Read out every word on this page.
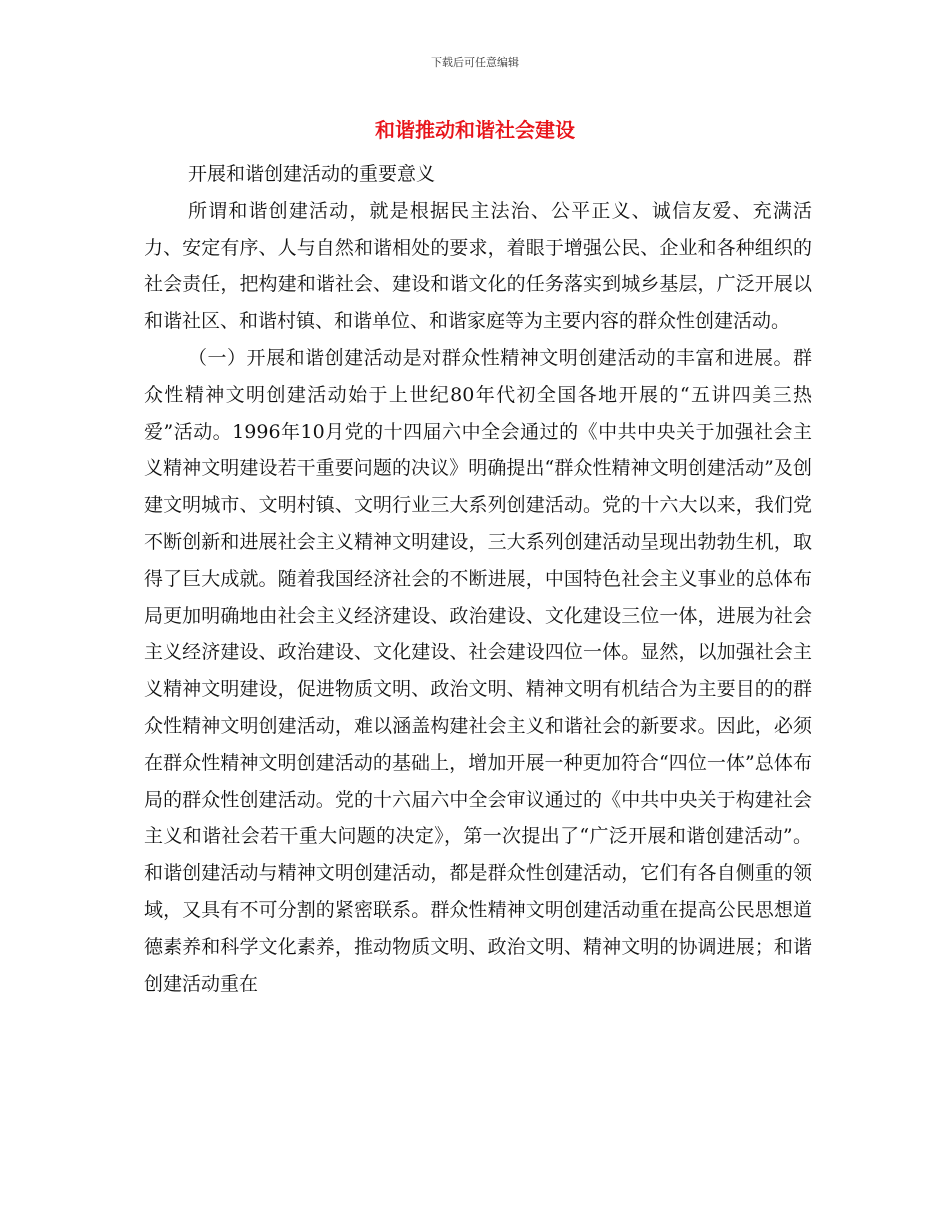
下载后可任意编辑
和谐推动和谐社会建设

开展和谐创建活动的重要意义

所谓和谐创建活动，就是根据民主法治、公平正义、诚信友爱、充满活力、安定有序、人与自然和谐相处的要求，着眼于增强公民、企业和各种组织的社会责任，把构建和谐社会、建设和谐文化的任务落实到城乡基层，广泛开展以和谐社区、和谐村镇、和谐单位、和谐家庭等为主要内容的群众性创建活动。

（一）开展和谐创建活动是对群众性精神文明创建活动的丰富和进展。群众性精神文明创建活动始于上世纪80年代初全国各地开展的“五讲四美三热爱”活动。1996年10月党的十四届六中全会通过的《中共中央关于加强社会主义精神文明建设若干重要问题的决议》明确提出“群众性精神文明创建活动”及创建文明城市、文明村镇、文明行业三大系列创建活动。党的十六大以来，我们党不断创新和进展社会主义精神文明建设，三大系列创建活动呈现出勃勃生机，取得了巨大成就。随着我国经济社会的不断进展，中国特色社会主义事业的总体布局更加明确地由社会主义经济建设、政治建设、文化建设三位一体，进展为社会主义经济建设、政治建设、文化建设、社会建设四位一体。显然，以加强社会主义精神文明建设，促进物质文明、政治文明、精神文明有机结合为主要目的的群众性精神文明创建活动，难以涵盖构建社会主义和谐社会的新要求。因此，必须在群众性精神文明创建活动的基础上，增加开展一种更加符合“四位一体”总体布局的群众性创建活动。党的十六届六中全会审议通过的《中共中央关于构建社会主义和谐社会若干重大问题的决定》，第一次提出了“广泛开展和谐创建活动”。和谐创建活动与精神文明创建活动，都是群众性创建活动，它们有各自侧重的领域，又具有不可分割的紧密联系。群众性精神文明创建活动重在提高公民思想道德素养和科学文化素养，推动物质文明、政治文明、精神文明的协调进展；和谐创建活动重在
